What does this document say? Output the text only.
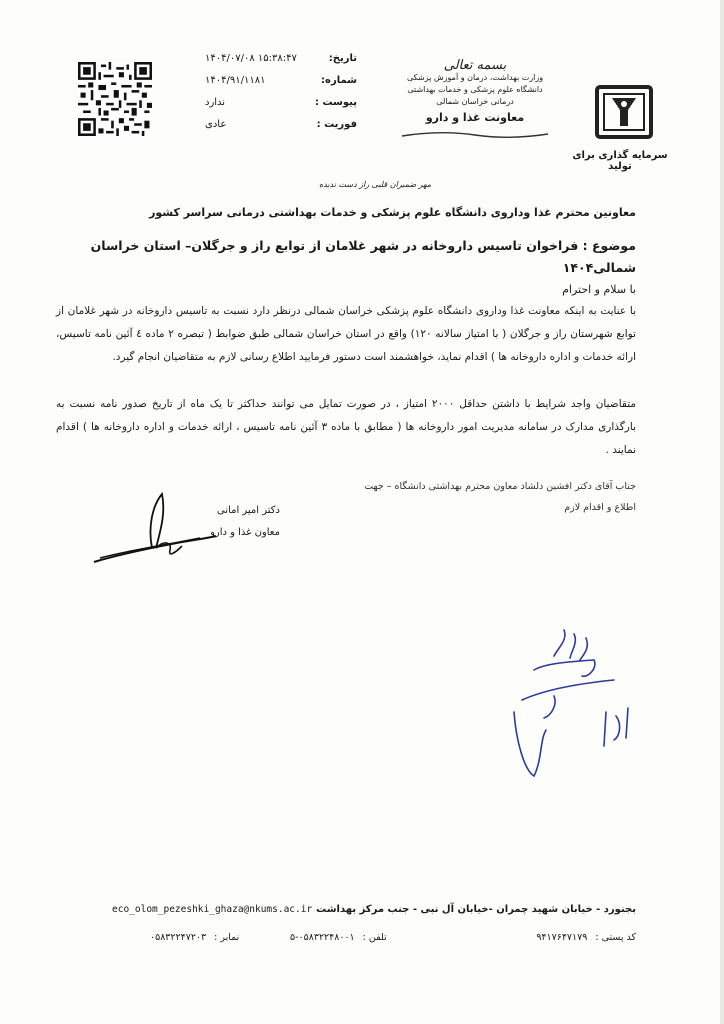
تاریخ:
۱۴۰۴/۰۷/۰۸ ۱۵:۳۸:۴۷
شماره:
۱۴۰۴/۹۱/۱۱۸۱
پیوست :
ندارد
فوریت :
عادی
بسمه تعالی
وزارت بهداشت، درمان و آموزش پزشکی
دانشگاه علوم پزشکی و خدمات بهداشتی درمانی خراسان شمالی
معاونت غذا و دارو
سرمایه گذاری برای تولید
مهر ضمیران قلبی راز دست ندیده
معاونین محترم غذا وداروی دانشگاه علوم پزشکی و خدمات بهداشتی درمانی سراسر کشور
موضوع : فراخوان تاسیس داروخانه در شهر غلامان از توابع راز و جرگلان– استان خراسان شمالی۱۴۰۴
با سلام و احترام
با عنایت به اینکه معاونت غذا وداروی دانشگاه علوم پزشکی خراسان شمالی درنظر دارد نسبت به تاسیس داروخانه در شهر غلامان از توابع شهرستان راز و جرگلان ( با امتیاز سالانه ۱۲۰) واقع در استان خراسان شمالی طبق ضوابط ( تبصره ۲ ماده ٤ آئین نامه تاسیس، ارائه خدمات و اداره داروخانه ها ) اقدام نماید، خواهشمند است دستور فرمایید اطلاع رسانی لازم به متقاضیان انجام گیرد.
متقاضیان واجد شرایط با داشتن حداقل ۲۰۰۰ امتیاز ، در صورت تمایل می توانند حداکثر تا یک ماه از تاریخ صدور نامه نسبت به بارگذاری مدارک در سامانه مدیریت امور داروخانه ها ( مطابق با ماده ۳ آئین نامه تاسیس ، ارائه خدمات و اداره داروخانه ها ) اقدام نمایند .
جناب آقای دکتر افشین دلشاد معاون محترم بهداشتی دانشگاه – جهت
اطلاع و اقدام لازم
دکتر امیر امانی
معاون غذا و دارو
بجنورد - خیابان شهید چمران -خیابان آل نبی - جنب مرکز بهداشت
eco_olom_pezeshki_ghaza@nkums.ac.ir
کد پستی :
۹۴۱۷۶۴۷۱۷۹
تلفن :
۵-۰۵۸۳۲۲۴۸۰۰۱
نمابر :
۰۵۸۳۲۲۴۷۲۰۳
